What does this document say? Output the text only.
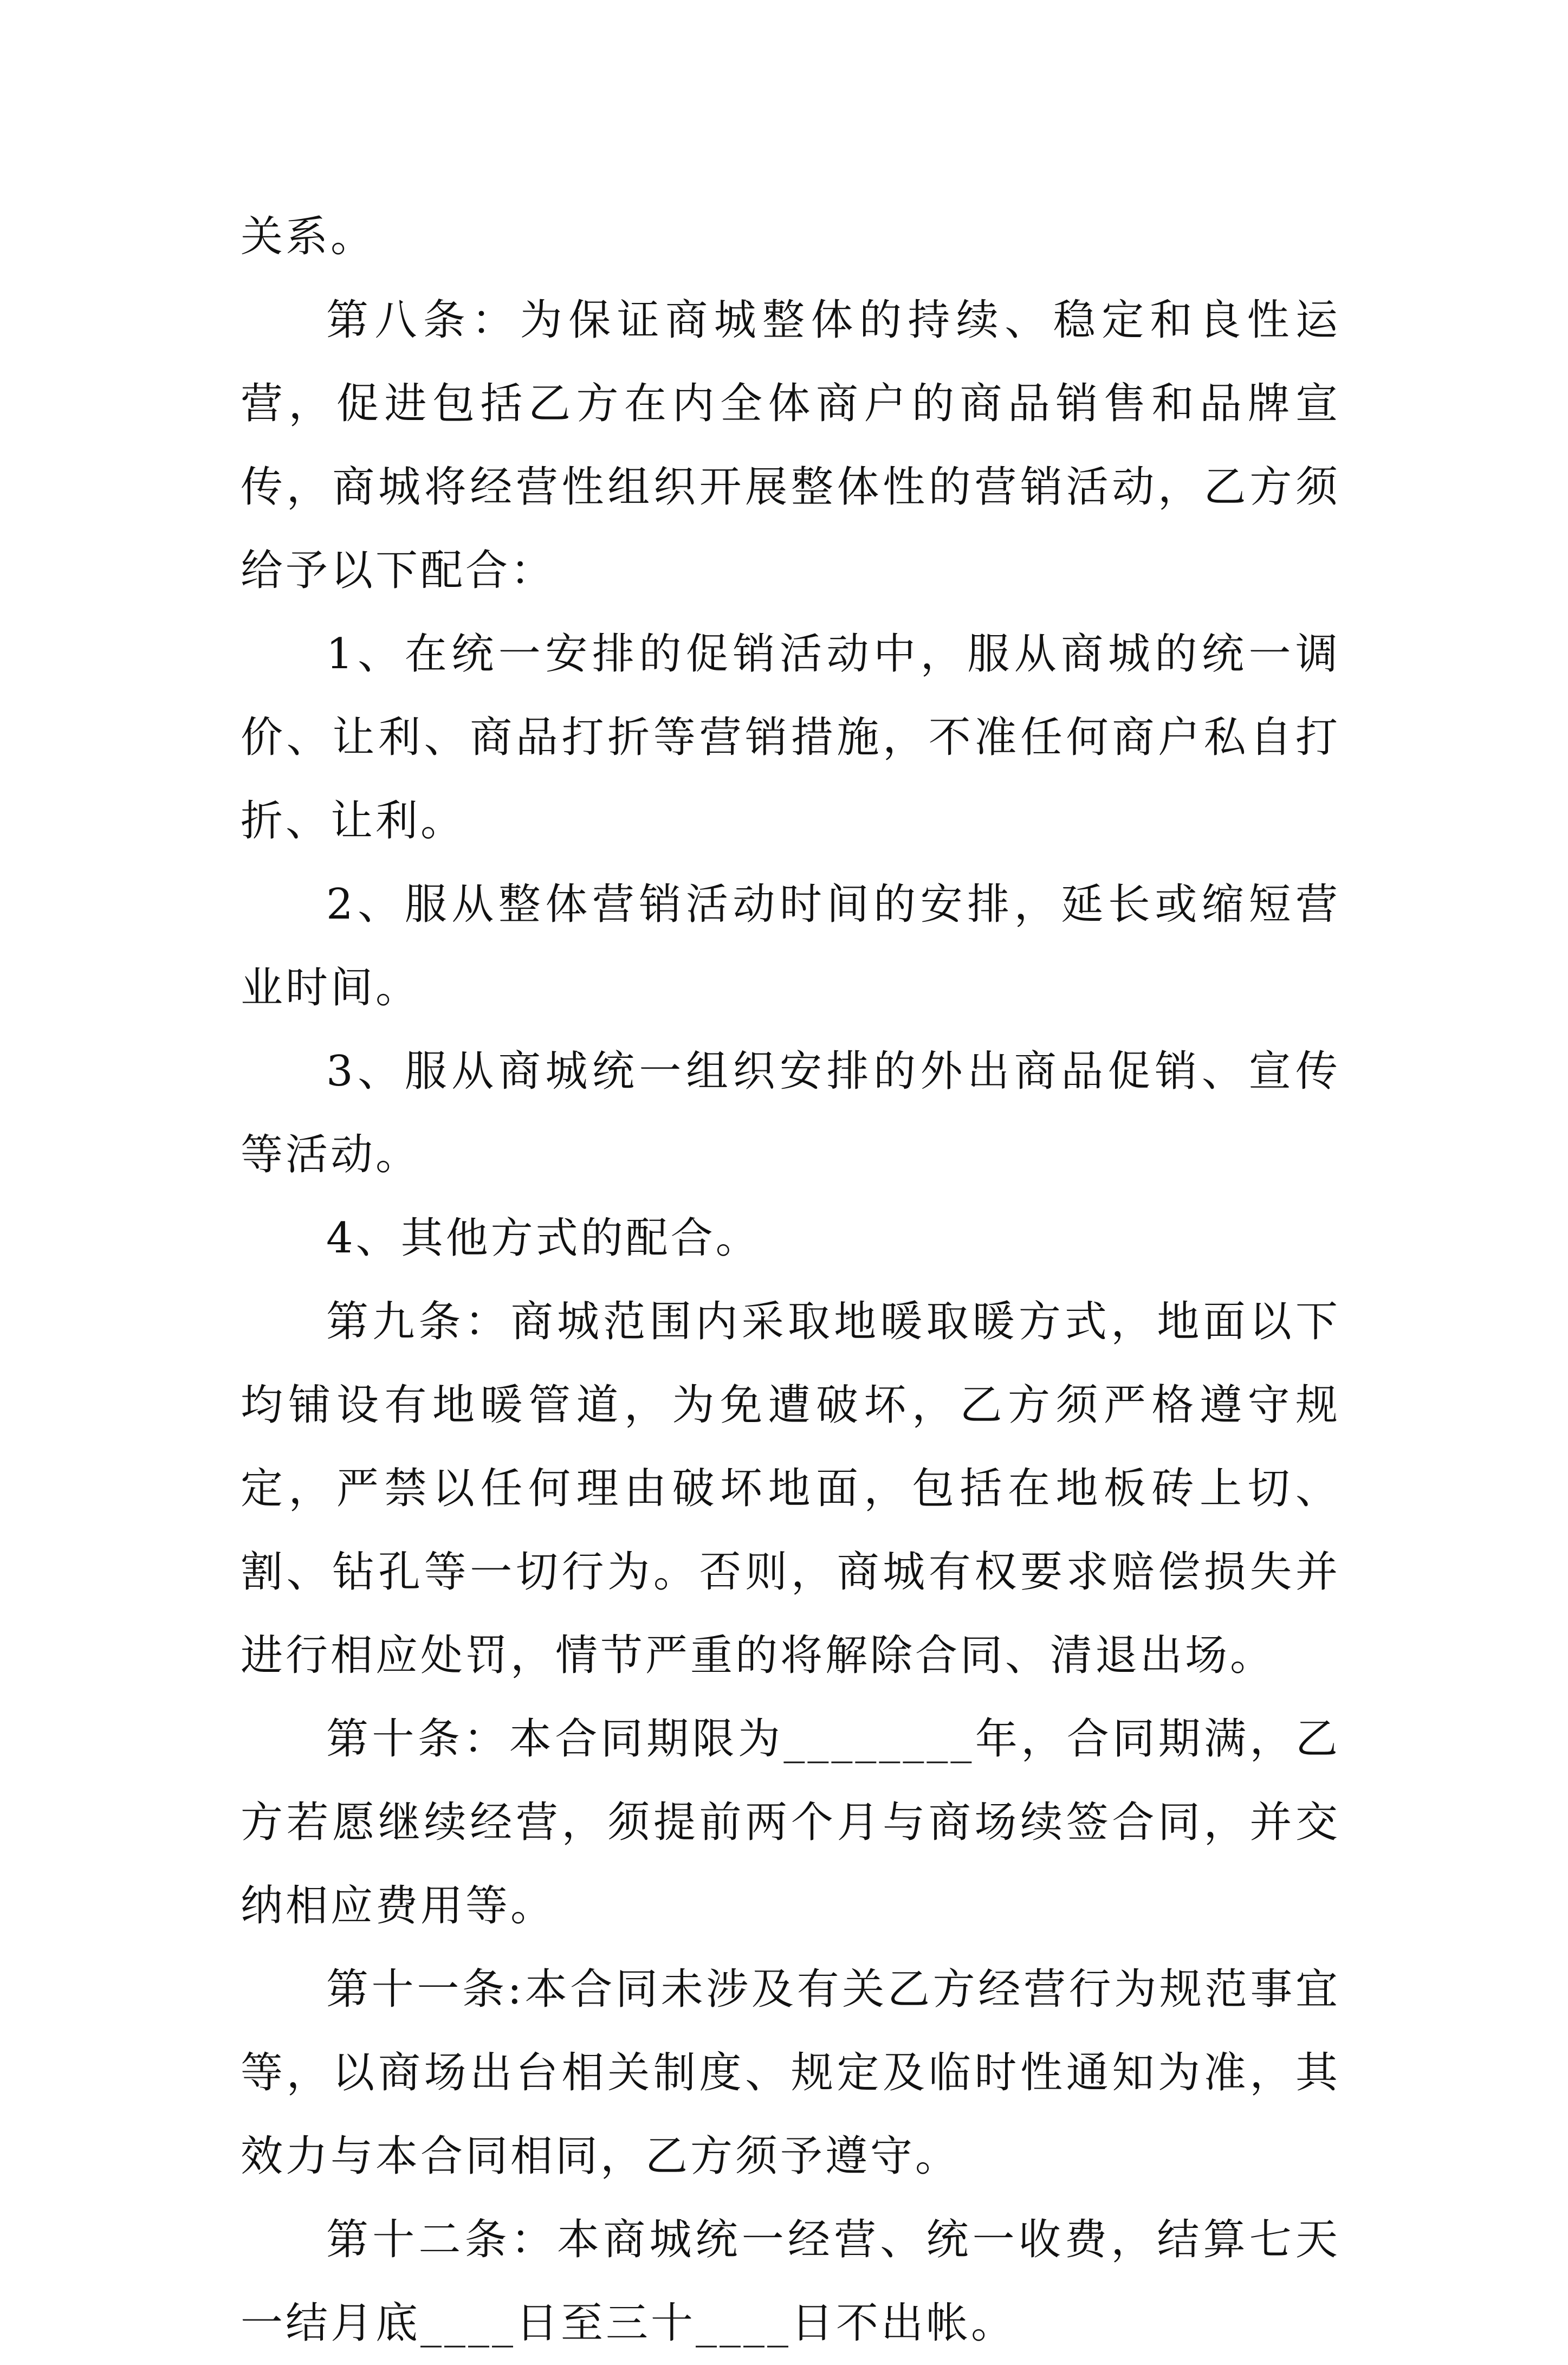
关系。

第八条：为保证商城整体的持续、稳定和良性运营，促进包括乙方在内全体商户的商品销售和品牌宣传，商城将经营性组织开展整体性的营销活动，乙方须给予以下配合：

1、在统一安排的促销活动中，服从商城的统一调价、让利、商品打折等营销措施，不准任何商户私自打折、让利。

2、服从整体营销活动时间的安排，延长或缩短营业时间。

3、服从商城统一组织安排的外出商品促销、宣传等活动。

4、其他方式的配合。

第九条：商城范围内采取地暖取暖方式，地面以下均铺设有地暖管道，为免遭破坏，乙方须严格遵守规定，严禁以任何理由破坏地面，包括在地板砖上切、割、钻孔等一切行为。否则，商城有权要求赔偿损失并进行相应处罚，情节严重的将解除合同、清退出场。

第十条：本合同期限为________年，合同期满，乙方若愿继续经营，须提前两个月与商场续签合同，并交纳相应费用等。

第十一条:本合同未涉及有关乙方经营行为规范事宜等，以商场出台相关制度、规定及临时性通知为准，其效力与本合同相同，乙方须予遵守。

第十二条：本商城统一经营、统一收费，结算七天一结月底____日至三十____日不出帐。
